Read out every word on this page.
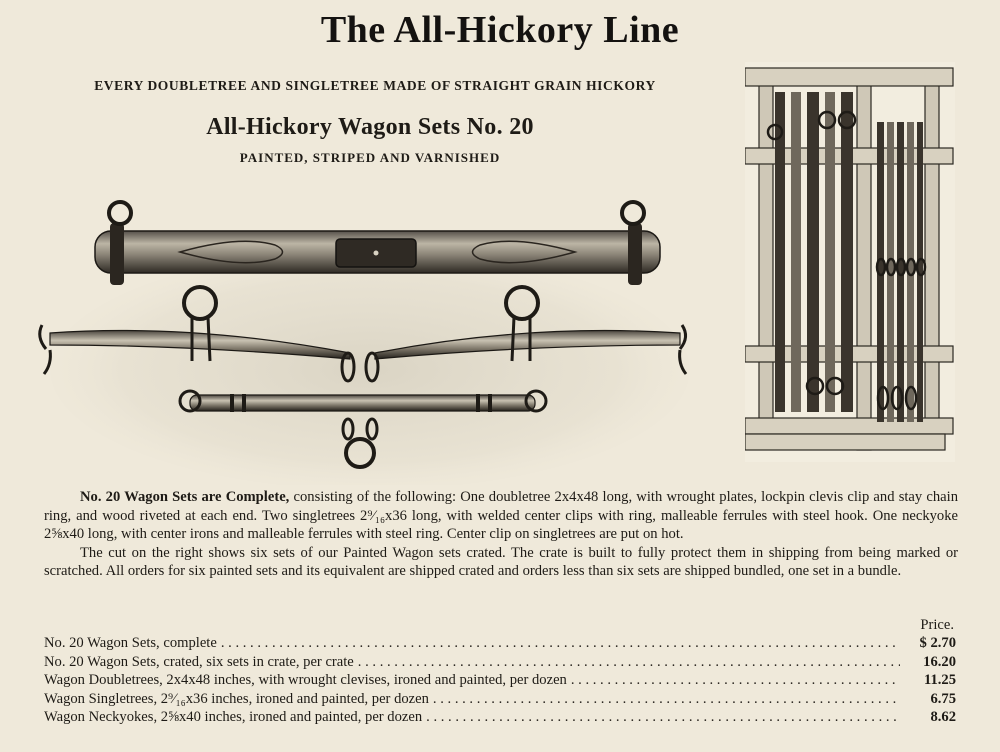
The All-Hickory Line
EVERY DOUBLETREE AND SINGLETREE MADE OF STRAIGHT GRAIN HICKORY
All-Hickory Wagon Sets No. 20
PAINTED, STRIPED AND VARNISHED

No. 20 Wagon Sets are Complete, consisting of the following: One doubletree 2x4x48 long, with wrought plates, lockpin clevis clip and stay chain ring, and wood riveted at each end. Two singletrees 2⁹⁄₁₆x36 long, with welded center clips with ring, malleable ferrules with steel hook. One neckyoke 2⅝x40 long, with center irons and malleable ferrules with steel ring. Center clip on singletrees are put on hot.

The cut on the right shows six sets of our Painted Wagon sets crated. The crate is built to fully protect them in shipping from being marked or scratched. All orders for six painted sets and its equivalent are shipped crated and orders less than six sets are shipped bundled, one set in a bundle.

Price.
No. 20 Wagon Sets, complete . . .	$ 2.70
No. 20 Wagon Sets, crated, six sets in crate, per crate . . .	16.20
Wagon Doubletrees, 2x4x48 inches, with wrought clevises, ironed and painted, per dozen . . .	11.25
Wagon Singletrees, 2⁹⁄₁₆x36 inches, ironed and painted, per dozen . . .	6.75
Wagon Neckyokes, 2⅝x40 inches, ironed and painted, per dozen . . .	8.62
